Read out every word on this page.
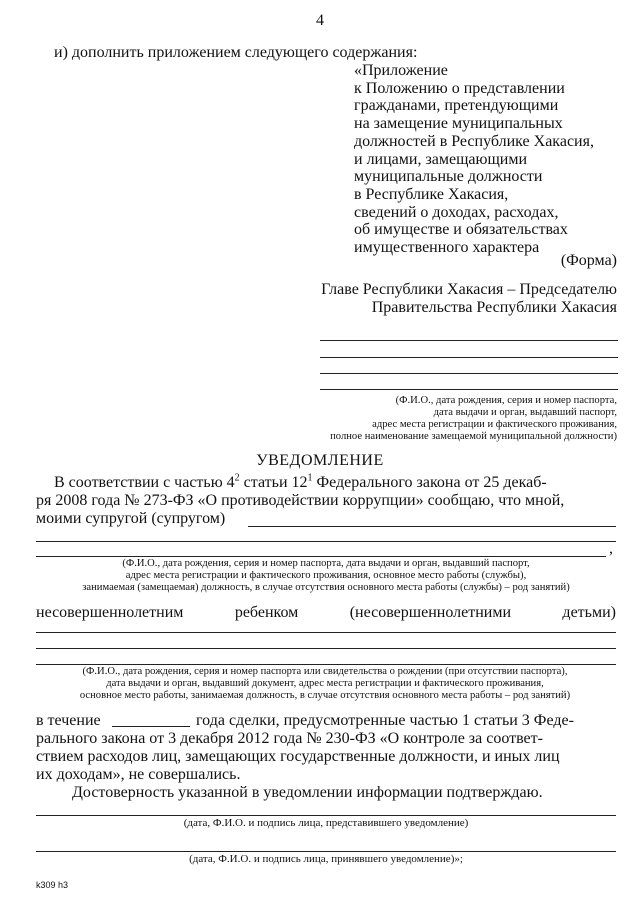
4
и) дополнить приложением следующего содержания:
«Приложение
к Положению о представлении
гражданами, претендующими
на замещение муниципальных
должностей в Республике Хакасия,
и лицами, замещающими
муниципальные должности
в Республике Хакасия,
сведений о доходах, расходах,
об имуществе и обязательствах
имущественного характера
(Форма)
Главе Республики Хакасия – Председателю
Правительства Республики Хакасия
(Ф.И.О., дата рождения, серия и номер паспорта,
дата выдачи и орган, выдавший паспорт,
адрес места регистрации и фактического проживания,
полное наименование замещаемой муниципальной должности)
УВЕДОМЛЕНИЕ
В соответствии с частью $4^2$ статьи $12^1$ Федерального закона от 25 декаб-
ря 2008 года № 273-ФЗ «О противодействии коррупции» сообщаю, что мной,
моими супругой (супругом)
,
(Ф.И.О., дата рождения, серия и номер паспорта, дата выдачи и орган, выдавший паспорт,
адрес места регистрации и фактического проживания, основное место работы (службы),
занимаемая (замещаемая) должность, в случае отсутствия основного места работы (службы) – род занятий)
несовершеннолетним	ребенком	(несовершеннолетними	детьми)
(Ф.И.О., дата рождения, серия и номер паспорта или свидетельства о рождении (при отсутствии паспорта),
дата выдачи и орган, выдавший документ, адрес места регистрации и фактического проживания,
основное место работы, занимаемая должность, в случае отсутствия основного места работы – род занятий)
в течение	года сделки, предусмотренные частью 1 статьи 3 Феде-
рального закона от 3 декабря 2012 года № 230-ФЗ «О контроле за соответ-
ствием расходов лиц, замещающих государственные должности, и иных лиц
их доходам», не совершались.
Достоверность указанной в уведомлении информации подтверждаю.
(дата, Ф.И.О. и подпись лица, представившего уведомление)
(дата, Ф.И.О. и подпись лица, принявшего уведомление)»;
k309 h3
